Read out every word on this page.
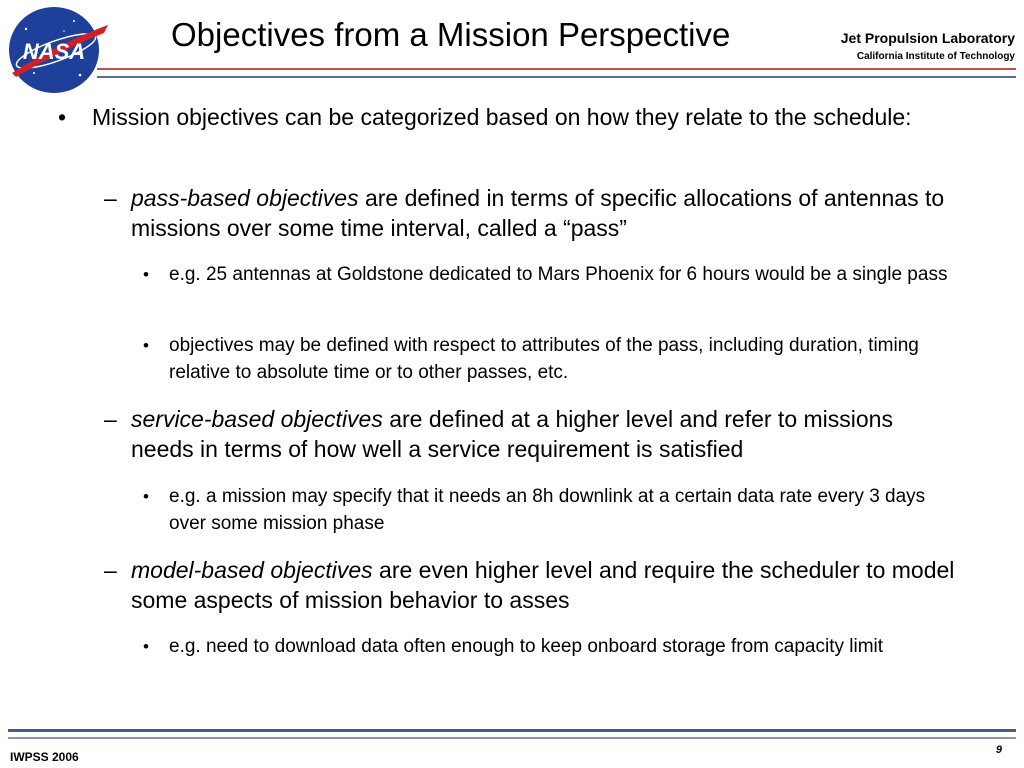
NASA	Objectives from a Mission Perspective	Jet Propulsion Laboratory
California Institute of Technology
• Mission objectives can be categorized based on how they relate to the schedule:
– pass-based objectives are defined in terms of specific allocations of antennas to missions over some time interval, called a “pass”
• e.g. 25 antennas at Goldstone dedicated to Mars Phoenix for 6 hours would be a single pass
• objectives may be defined with respect to attributes of the pass, including duration, timing relative to absolute time or to other passes, etc.
– service-based objectives are defined at a higher level and refer to missions needs in terms of how well a service requirement is satisfied
• e.g. a mission may specify that it needs an 8h downlink at a certain data rate every 3 days over some mission phase
– model-based objectives are even higher level and require the scheduler to model some aspects of mission behavior to asses
• e.g. need to download data often enough to keep onboard storage from capacity limit
IWPSS 2006	9
